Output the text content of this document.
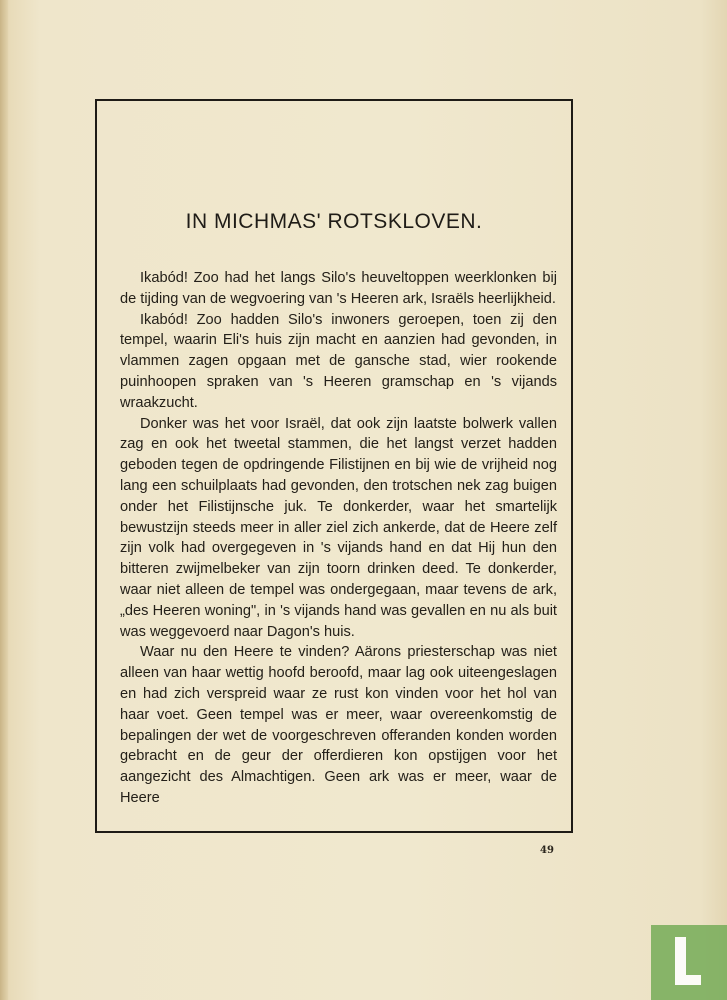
IN MICHMAS' ROTSKLOVEN.

Ikabód! Zoo had het langs Silo's heuveltoppen weerklonken bij de tijding van de wegvoering van 's Heeren ark, Israëls heerlijkheid.

Ikabód! Zoo hadden Silo's inwoners geroepen, toen zij den tempel, waarin Eli's huis zijn macht en aanzien had gevonden, in vlammen zagen opgaan met de gansche stad, wier rookende puinhoopen spraken van 's Heeren gramschap en 's vijands wraakzucht.

Donker was het voor Israël, dat ook zijn laatste bolwerk vallen zag en ook het tweetal stammen, die het langst verzet hadden geboden tegen de opdringende Filistijnen en bij wie de vrijheid nog lang een schuilplaats had gevonden, den trotschen nek zag buigen onder het Filistijnsche juk. Te donkerder, waar het smartelijk bewustzijn steeds meer in aller ziel zich ankerde, dat de Heere zelf zijn volk had overgegeven in 's vijands hand en dat Hij hun den bitteren zwijmelbeker van zijn toorn drinken deed. Te donkerder, waar niet alleen de tempel was ondergegaan, maar tevens de ark, „des Heeren woning", in 's vijands hand was gevallen en nu als buit was weggevoerd naar Dagon's huis.

Waar nu den Heere te vinden? Aärons priesterschap was niet alleen van haar wettig hoofd beroofd, maar lag ook uiteengeslagen en had zich verspreid waar ze rust kon vinden voor het hol van haar voet. Geen tempel was er meer, waar overeenkomstig de bepalingen der wet de voorgeschreven offeranden konden worden gebracht en de geur der offerdieren kon opstijgen voor het aangezicht des Almachtigen. Geen ark was er meer, waar de Heere

49
